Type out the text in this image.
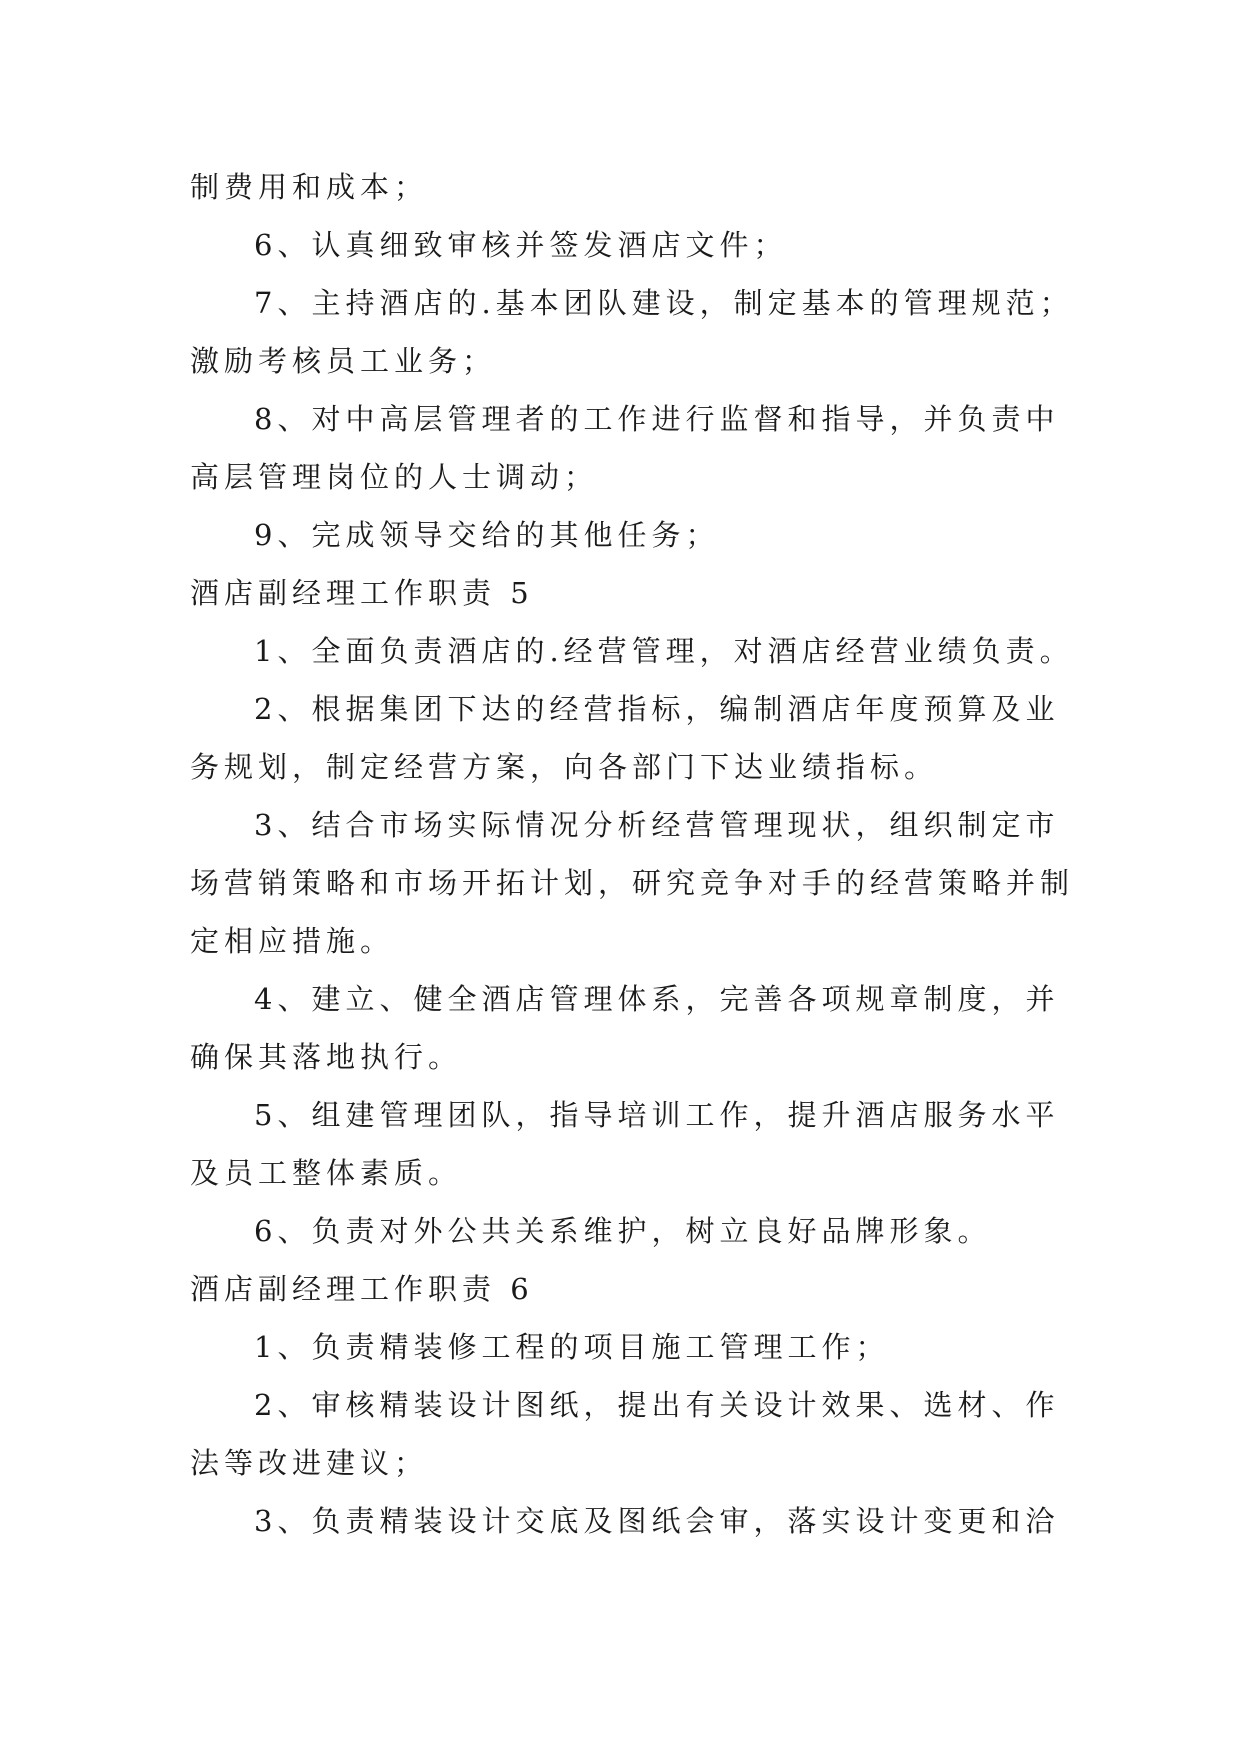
制费用和成本；
6、认真细致审核并签发酒店文件；
7、主持酒店的.基本团队建设，制定基本的管理规范；
激励考核员工业务；
8、对中高层管理者的工作进行监督和指导，并负责中
高层管理岗位的人士调动；
9、完成领导交给的其他任务；
酒店副经理工作职责 5
1、全面负责酒店的.经营管理，对酒店经营业绩负责。
2、根据集团下达的经营指标，编制酒店年度预算及业
务规划，制定经营方案，向各部门下达业绩指标。
3、结合市场实际情况分析经营管理现状，组织制定市
场营销策略和市场开拓计划，研究竞争对手的经营策略并制
定相应措施。
4、建立、健全酒店管理体系，完善各项规章制度，并
确保其落地执行。
5、组建管理团队，指导培训工作，提升酒店服务水平
及员工整体素质。
6、负责对外公共关系维护，树立良好品牌形象。
酒店副经理工作职责 6
1、负责精装修工程的项目施工管理工作；
2、审核精装设计图纸，提出有关设计效果、选材、作
法等改进建议；
3、负责精装设计交底及图纸会审，落实设计变更和洽
